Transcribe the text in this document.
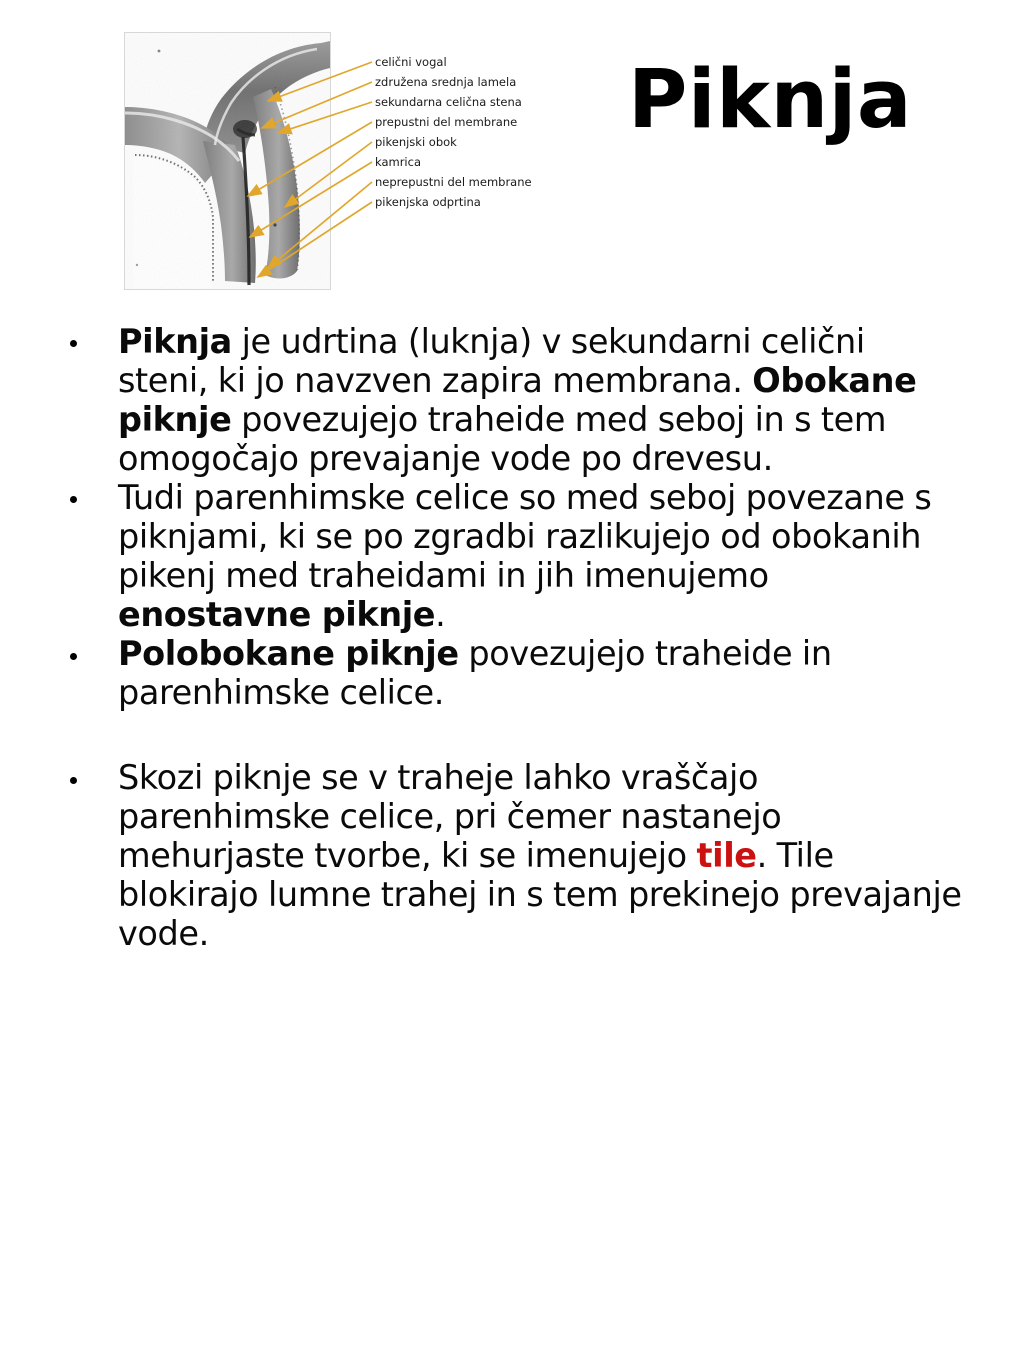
celični vogal
združena srednja lamela
sekundarna celična stena
prepustni del membrane
pikenjski obok
kamrica
neprepustni del membrane
pikenjska odprtina
Piknja

Piknja je udrtina (luknja) v sekundarni celični steni, ki jo navzven zapira membrana. Obokane piknje povezujejo traheide med seboj in s tem omogočajo prevajanje vode po drevesu.

Tudi parenhimske celice so med seboj povezane s piknjami, ki se po zgradbi razlikujejo od obokanih pikenj med traheidami in jih imenujemo enostavne piknje.

Polobokane piknje povezujejo traheide in parenhimske celice.

Skozi piknje se v traheje lahko vraščajo parenhimske celice, pri čemer nastanejo mehurjaste tvorbe, ki se imenujejo tile. Tile blokirajo lumne trahej in s tem prekinejo prevajanje vode.
